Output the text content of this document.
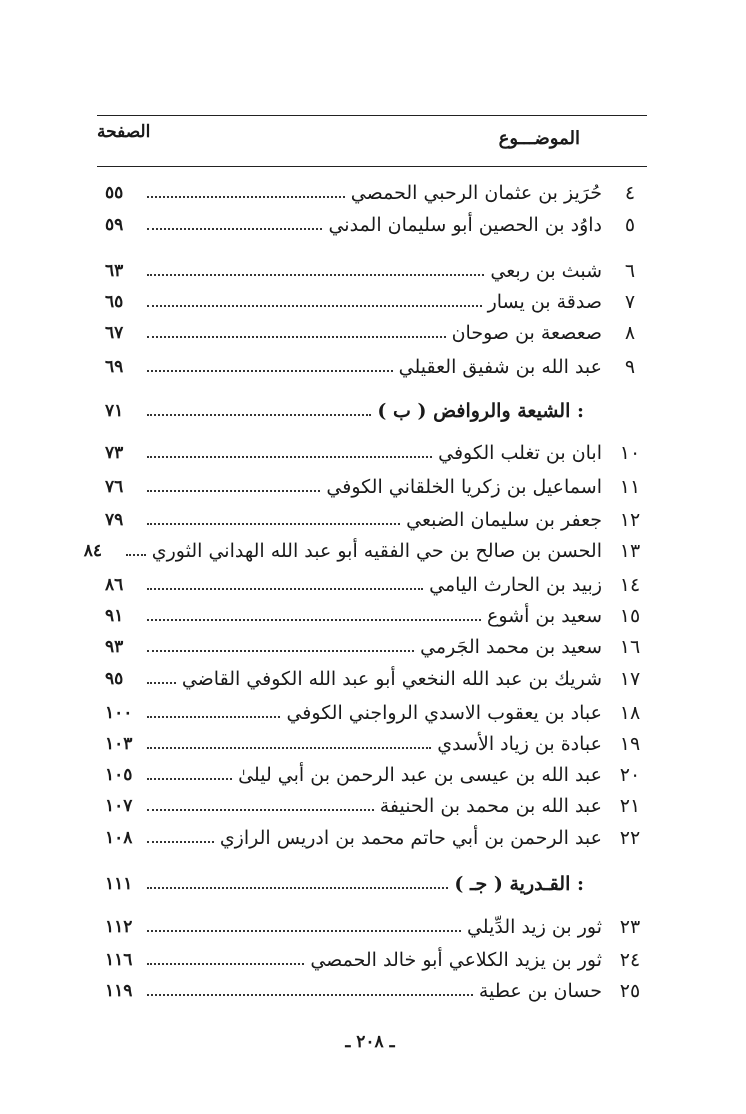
الصفحة	الموضـــوع
٤
حُرَيز بن عثمان الرحبي الحمصي
٥٥
٥
داوُد بن الحصين أبو سليمان المدني
٥٩
٦
شبث بن ربعي
٦٣
٧
صدقة بن يسار
٦٥
٨
صعصعة بن صوحان
٦٧
٩
عبد الله بن شفيق العقيلي
٦٩
( ب ) الشيعة والروافض :
٧١
١٠
ابان بن تغلب الكوفي
٧٣
١١
اسماعيل بن زكريا الخلقاني الكوفي
٧٦
١٢
جعفر بن سليمان الضبعي
٧٩
١٣
الحسن بن صالح بن حي الفقيه أبو عبد الله الهداني الثوري
٨٤
١٤
زبيد بن الحارث اليامي
٨٦
١٥
سعيد بن أشوع
٩١
١٦
سعيد بن محمد الجَرمي
٩٣
١٧
شريك بن عبد الله النخعي أبو عبد الله الكوفي القاضي
٩٥
١٨
عباد بن يعقوب الاسدي الرواجني الكوفي
١٠٠
١٩
عبادة بن زياد الأسدي
١٠٣
٢٠
عبد الله بن عيسى بن عبد الرحمن بن أبي ليلىٰ
١٠٥
٢١
عبد الله بن محمد بن الحنيفة
١٠٧
٢٢
عبد الرحمن بن أبي حاتم محمد بن ادريس الرازي
١٠٨
( جـ ) القـدرية :
١١١
٢٣
ثور بن زيد الدِّيلي
١١٢
٢٤
ثور بن يزيد الكلاعي أبو خالد الحمصي
١١٦
٢٥
حسان بن عطية
١١٩
ـ ٢٠٨ ـ
